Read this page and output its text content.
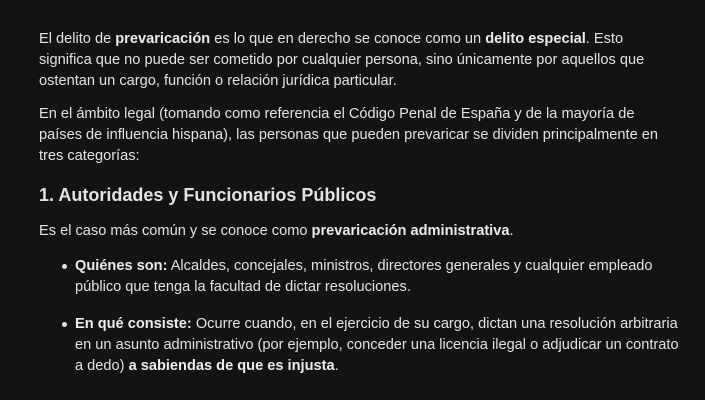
El delito de prevaricación es lo que en derecho se conoce como un delito especial. Esto significa que no puede ser cometido por cualquier persona, sino únicamente por aquellos que ostentan un cargo, función o relación jurídica particular.

En el ámbito legal (tomando como referencia el Código Penal de España y de la mayoría de países de influencia hispana), las personas que pueden prevaricar se dividen principalmente en tres categorías:

1. Autoridades y Funcionarios Públicos

Es el caso más común y se conoce como prevaricación administrativa.

Quiénes son: Alcaldes, concejales, ministros, directores generales y cualquier empleado público que tenga la facultad de dictar resoluciones.
En qué consiste: Ocurre cuando, en el ejercicio de su cargo, dictan una resolución arbitraria en un asunto administrativo (por ejemplo, conceder una licencia ilegal o adjudicar un contrato a dedo) a sabiendas de que es injusta.
